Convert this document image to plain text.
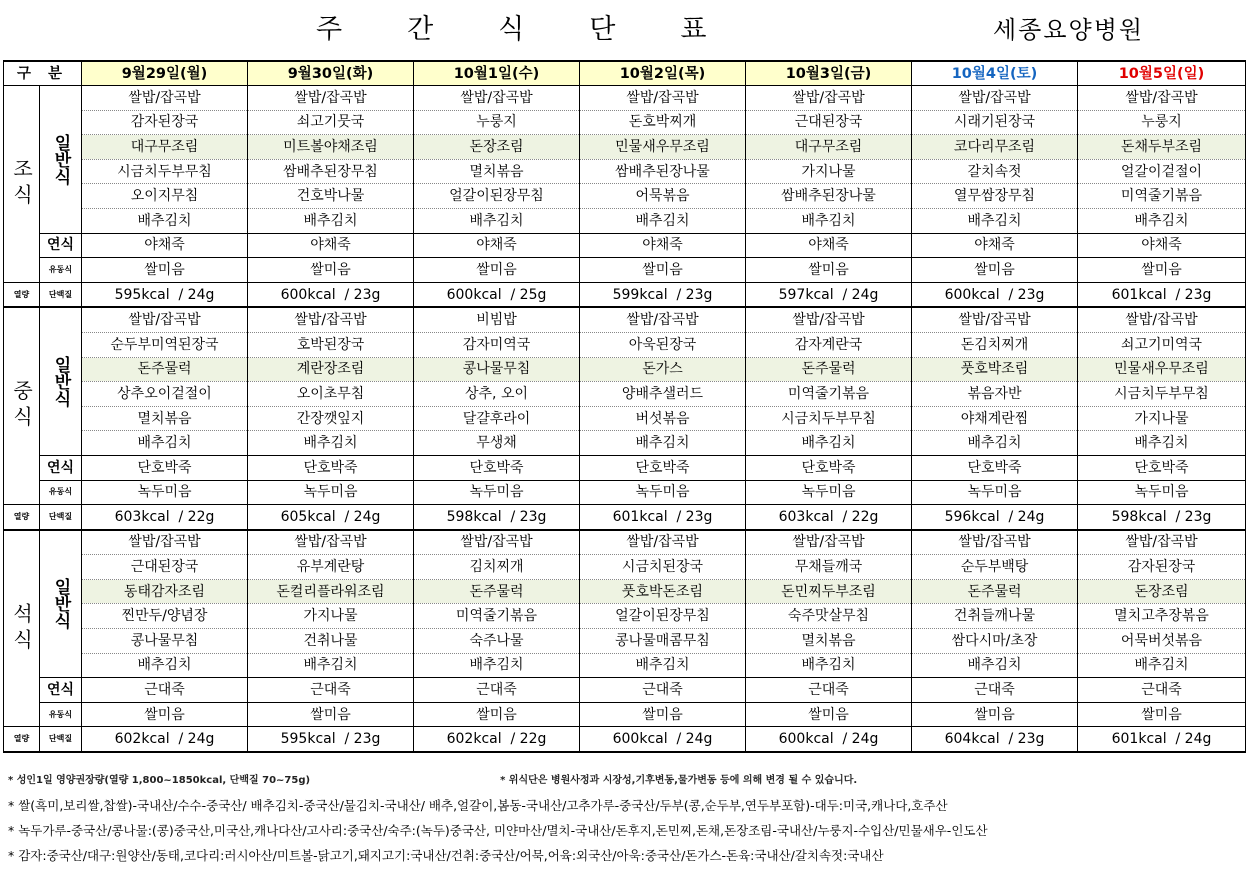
주간식단표	세종요양병원
구 분		9월29일(월)	9월30일(화)	10월1일(수)	10월2일(목)	10월3일(금)	10월4일(토)	10월5일(일)
조식	일반식	쌀밥/잡곡밥	쌀밥/잡곡밥	쌀밥/잡곡밥	쌀밥/잡곡밥	쌀밥/잡곡밥	쌀밥/잡곡밥	쌀밥/잡곡밥
		감자된장국	쇠고기뭇국	누룽지	돈호박찌개	근대된장국	시래기된장국	누룽지
		대구무조림	미트볼야채조림	돈장조림	민물새우무조림	대구무조림	코다리무조림	돈채두부조림
		시금치두부무침	쌈배추된장무침	멸치볶음	쌈배추된장나물	가지나물	갈치속젓	얼갈이겉절이
		오이지무침	건호박나물	얼갈이된장무침	어묵볶음	쌈배추된장나물	열무쌈장무침	미역줄기볶음
		배추김치	배추김치	배추김치	배추김치	배추김치	배추김치	배추김치
	연식	야채죽	야채죽	야채죽	야채죽	야채죽	야채죽	야채죽
	유동식	쌀미음	쌀미음	쌀미음	쌀미음	쌀미음	쌀미음	쌀미음
열량	단백질	595kcal  / 24g	600kcal  / 23g	600kcal  / 25g	599kcal  / 23g	597kcal  / 24g	600kcal  / 23g	601kcal  / 23g
중식	일반식	쌀밥/잡곡밥	쌀밥/잡곡밥	비빔밥	쌀밥/잡곡밥	쌀밥/잡곡밥	쌀밥/잡곡밥	쌀밥/잡곡밥
		순두부미역된장국	호박된장국	감자미역국	아욱된장국	감자계란국	돈김치찌개	쇠고기미역국
		돈주물럭	계란장조림	콩나물무침	돈가스	돈주물럭	풋호박조림	민물새우무조림
		상추오이겉절이	오이초무침	상추, 오이	양배추샐러드	미역줄기볶음	볶음자반	시금치두부무침
		멸치볶음	간장깻잎지	달걀후라이	버섯볶음	시금치두부무침	야채계란찜	가지나물
		배추김치	배추김치	무생채	배추김치	배추김치	배추김치	배추김치
	연식	단호박죽	단호박죽	단호박죽	단호박죽	단호박죽	단호박죽	단호박죽
	유동식	녹두미음	녹두미음	녹두미음	녹두미음	녹두미음	녹두미음	녹두미음
열량	단백질	603kcal  / 22g	605kcal  / 24g	598kcal  / 23g	601kcal  / 23g	603kcal  / 22g	596kcal  / 24g	598kcal  / 23g
석식	일반식	쌀밥/잡곡밥	쌀밥/잡곡밥	쌀밥/잡곡밥	쌀밥/잡곡밥	쌀밥/잡곡밥	쌀밥/잡곡밥	쌀밥/잡곡밥
		근대된장국	유부계란탕	김치찌개	시금치된장국	무채들깨국	순두부백탕	감자된장국
		동태감자조림	돈컬리플라워조림	돈주물럭	풋호박돈조림	돈민찌두부조림	돈주물럭	돈장조림
		찐만두/양념장	가지나물	미역줄기볶음	얼갈이된장무침	숙주맛살무침	건취들깨나물	멸치고추장볶음
		콩나물무침	건취나물	숙주나물	콩나물매콤무침	멸치볶음	쌈다시마/초장	어묵버섯볶음
		배추김치	배추김치	배추김치	배추김치	배추김치	배추김치	배추김치
	연식	근대죽	근대죽	근대죽	근대죽	근대죽	근대죽	근대죽
	유동식	쌀미음	쌀미음	쌀미음	쌀미음	쌀미음	쌀미음	쌀미음
열량	단백질	602kcal  / 24g	595kcal  / 23g	602kcal  / 22g	600kcal  / 24g	600kcal  / 24g	604kcal  / 23g	601kcal  / 24g
* 성인1일 영양권장량(열량 1,800~1850kcal, 단백질 70~75g)	* 위식단은 병원사정과 시장성,기후변동,물가변동 등에 의해 변경 될 수 있습니다.
* 쌀(흑미,보리쌀,찹쌀)-국내산/수수-중국산/ 배추김치-중국산/물김치-국내산/ 배추,얼갈이,봄동-국내산/고추가루-중국산/두부(콩,순두부,연두부포함)-대두:미국,캐나다,호주산
* 녹두가루-중국산/콩나물:(콩)중국산,미국산,캐나다산/고사리:중국산/숙주:(녹두)중국산, 미얀마산/멸치-국내산/돈후지,돈민찌,돈채,돈장조림-국내산/누룽지-수입산/민물새우-인도산
* 감자:중국산/대구:원양산/동태,코다리:러시아산/미트볼-닭고기,돼지고기:국내산/건취:중국산/어묵,어육:외국산/아욱:중국산/돈가스-돈육:국내산/갈치속젓:국내산
